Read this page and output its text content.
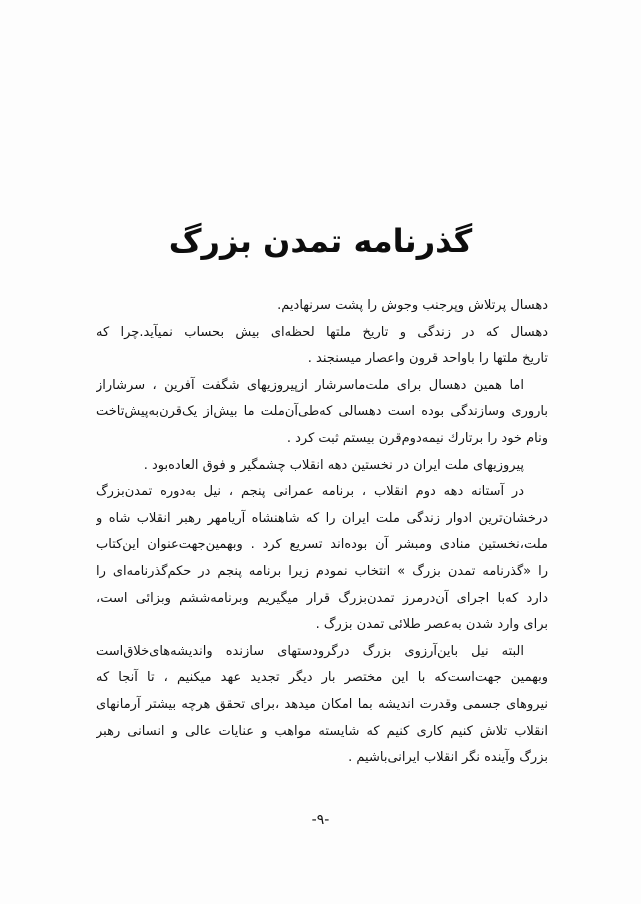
گذرنامه تمدن بزرگ
دهسال پرتلاش وپرجنب وجوش را پشت سرنهادیم.
دهسال که در زندگی و تاریخ ملتها لحظه‌ای بیش بحساب نمیآید.چرا که
تاریخ ملتها را باواحد قرون واعصار میسنجند .
اما همین دهسال برای ملت‌ماسرشار ازپیروزیهای شگفت آفرین ، سرشاراز
باروری وسازندگی بوده است دهسالی که‌طی‌آن‌ملت ما بیش‌از یک‌قرن‌به‌پیش‌تاخت
ونام خود را برتارك نیمه‌دوم‌قرن بیستم ثبت کرد .
پیروزیهای ملت ایران در نخستین دهه انقلاب چشمگیر و فوق العاده‌بود .
در آستانه دهه دوم انقلاب ، برنامه عمرانی پنجم ، نیل به‌دوره تمدن‌بزرگ
درخشان‌ترین ادوار زندگی ملت ایران را که شاهنشاه آریامهر رهبر انقلاب شاه و
ملت،نخستین منادی ومبشر آن بوده‌اند تسریع کرد . وبهمین‌جهت‌عنوان این‌کتاب
را «گذرنامه تمدن بزرگ » انتخاب نمودم زیرا برنامه پنجم در حکم‌گذرنامه‌ای را
دارد که‌با اجرای آن‌درمرز تمدن‌بزرگ قرار میگیریم وبرنامه‌ششم وبزائی است،
برای وارد شدن به‌عصر طلائی تمدن بزرگ .
البته نیل باین‌آرزوی بزرگ درگرودستهای سازنده واندیشه‌های‌خلاق‌است
وبهمین جهت‌است‌که با این مختصر بار دیگر تجدید عهد میکنیم ، تا آنجا که
نیروهای جسمی وقدرت اندیشه بما امکان میدهد ،برای تحقق هرچه بیشتر آرمانهای
انقلاب تلاش کنیم کاری کنیم که شایسته مواهب و عنایات عالی و انسانی رهبر
بزرگ وآینده نگر انقلاب ایرانی‌باشیم .
-۹-
